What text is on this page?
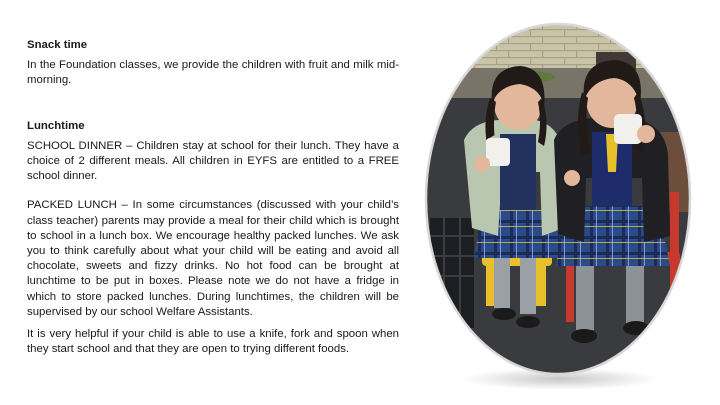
Snack time

In the Foundation classes, we provide the children with fruit and milk mid-morning.

Lunchtime

SCHOOL DINNER – Children stay at school for their lunch. They have a choice of 2 different meals. All children in EYFS are entitled to a FREE school dinner.

PACKED LUNCH – In some circumstances (discussed with your child’s class teacher) parents may provide a meal for their child which is brought to school in a lunch box. We encourage healthy packed lunches. We ask you to think carefully about what your child will be eating and avoid all chocolate, sweets and fizzy drinks. No hot food can be brought at lunchtime to be put in boxes. Please note we do not have a fridge in which to store packed lunches. During lunchtimes, the children will be supervised by our school Welfare Assistants.

It is very helpful if your child is able to use a knife, fork and spoon when they start school and that they are open to trying different foods.
